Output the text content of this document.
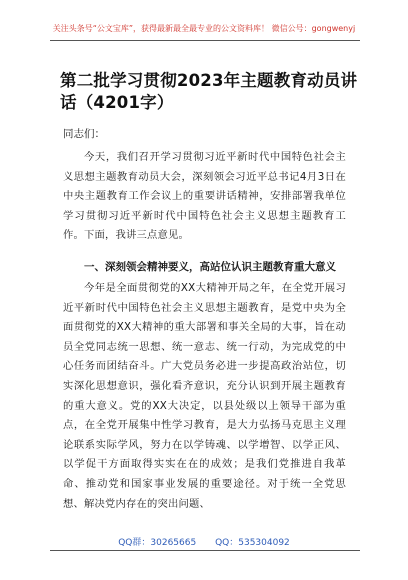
关注头条号“公文宝库”，获得最新最全最专业的公文资料库！ 微信公号：gongwenyj
第二批学习贯彻2023年主题教育动员讲话（4201字）
同志们：

今天，我们召开学习贯彻习近平新时代中国特色社会主义思想主题教育动员大会，深刻领会习近平总书记4月3日在中央主题教育工作会议上的重要讲话精神，安排部署我单位学习贯彻习近平新时代中国特色社会主义思想主题教育工作。下面，我讲三点意见。

一、深刻领会精神要义，高站位认识主题教育重大意义

今年是全面贯彻党的XX大精神开局之年，在全党开展习近平新时代中国特色社会主义思想主题教育，是党中央为全面贯彻党的XX大精神的重大部署和事关全局的大事，旨在动员全党同志统一思想、统一意志、统一行动，为完成党的中心任务而团结奋斗。广大党员务必进一步提高政治站位，切实深化思想意识，强化看齐意识，充分认识到开展主题教育的重大意义。党的XX大决定，以县处级以上领导干部为重点，在全党开展集中性学习教育，是大力弘扬马克思主义理论联系实际学风，努力在以学铸魂、以学增智、以学正风、以学促干方面取得实实在在的成效；是我们党推进自我革命、推动党和国家事业发展的重要途径。对于统一全党思想、解决党内存在的突出问题、

QQ群：30265665 QQ：535304092
